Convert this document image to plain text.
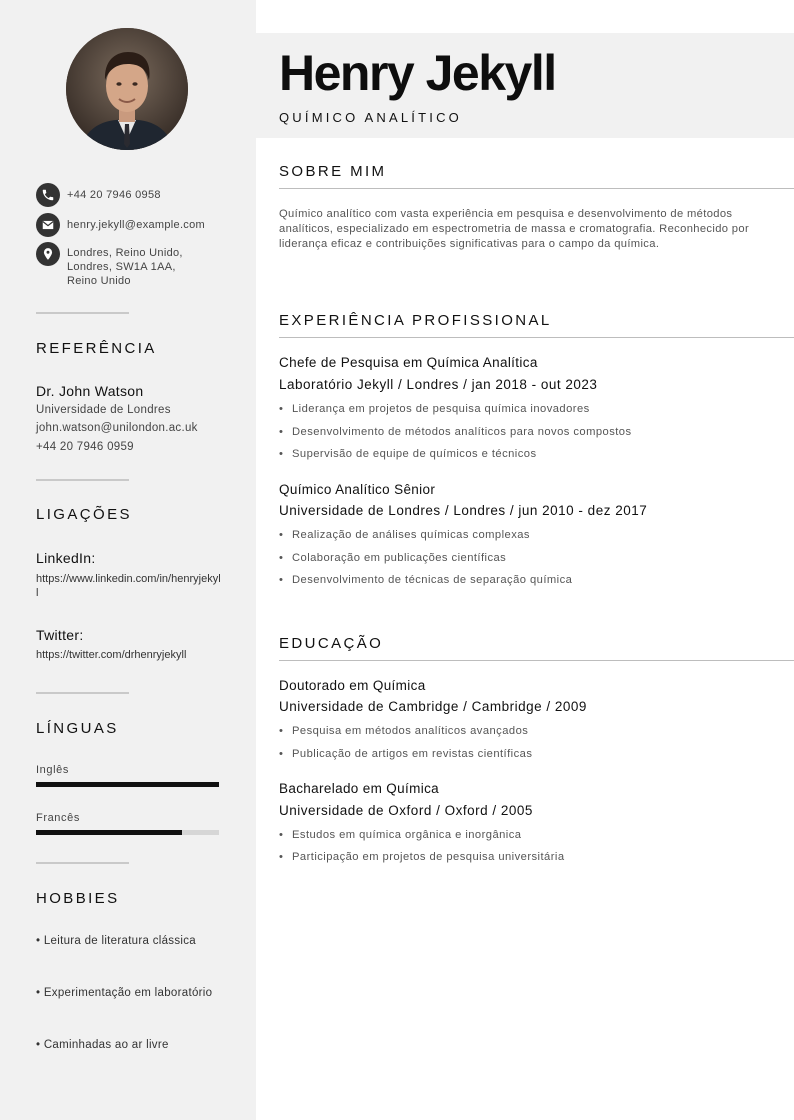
+44 20 7946 0958
henry.jekyll@example.com
Londres, Reino Unido,
Londres, SW1A 1AA,
Reino Unido
REFERÊNCIA
Dr. John Watson
Universidade de Londres
john.watson@unilondon.ac.uk
+44 20 7946 0959
LIGAÇÕES
LinkedIn:
https://www.linkedin.com/in/henryjekyll
Twitter:
https://twitter.com/drhenryjekyll
LÍNGUAS
Inglês
Francês
HOBBIES
• Leitura de literatura clássica
• Experimentação em laboratório
• Caminhadas ao ar livre
Henry Jekyll
QUÍMICO ANALÍTICO
SOBRE MIM
Químico analítico com vasta experiência em pesquisa e desenvolvimento de métodos analíticos, especializado em espectrometria de massa e cromatografia. Reconhecido por liderança eficaz e contribuições significativas para o campo da química.
EXPERIÊNCIA PROFISSIONAL
Chefe de Pesquisa em Química Analítica
Laboratório Jekyll / Londres / jan 2018 - out 2023
• Liderança em projetos de pesquisa química inovadores
• Desenvolvimento de métodos analíticos para novos compostos
• Supervisão de equipe de químicos e técnicos
Químico Analítico Sênior
Universidade de Londres / Londres / jun 2010 - dez 2017
• Realização de análises químicas complexas
• Colaboração em publicações científicas
• Desenvolvimento de técnicas de separação química
EDUCAÇÃO
Doutorado em Química
Universidade de Cambridge / Cambridge / 2009
• Pesquisa em métodos analíticos avançados
• Publicação de artigos em revistas científicas
Bacharelado em Química
Universidade de Oxford / Oxford / 2005
• Estudos em química orgânica e inorgânica
• Participação em projetos de pesquisa universitária
